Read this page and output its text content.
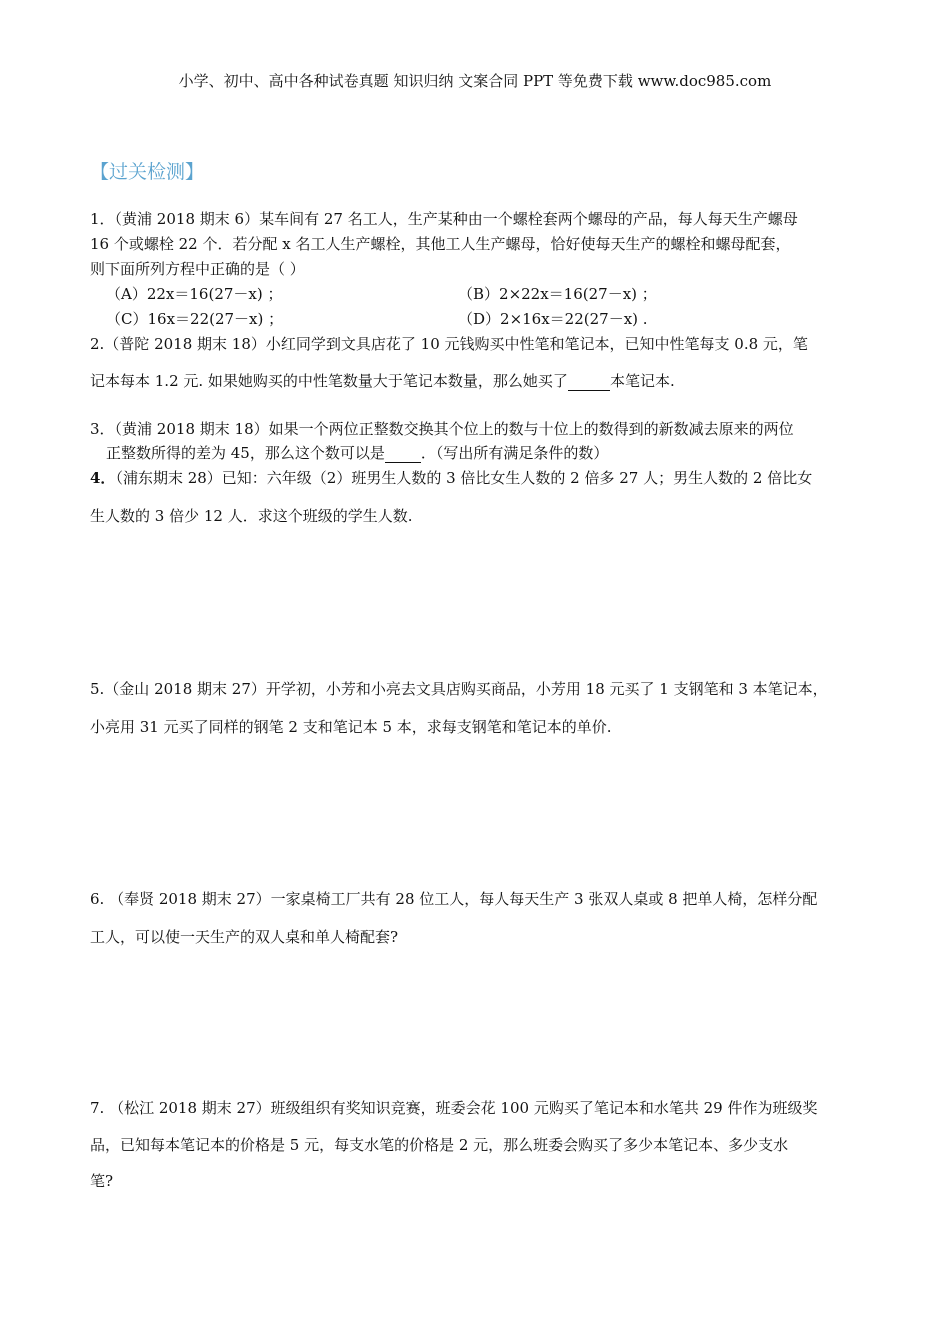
小学、初中、高中各种试卷真题 知识归纳 文案合同 PPT 等免费下载 www.doc985.com
【过关检测】
1．（黄浦 2018 期末 6）某车间有 27 名工人，生产某种由一个螺栓套两个螺母的产品，每人每天生产螺母
16 个或螺栓 22 个．若分配 x 名工人生产螺栓，其他工人生产螺母，恰好使每天生产的螺栓和螺母配套，
则下面所列方程中正确的是（ ）
（A）22x＝16(27－x) ；	（B）2×22x＝16(27－x) ；
（C）16x＝22(27－x) ；	（D）2×16x＝22(27－x) .
2.（普陀 2018 期末 18）小红同学到文具店花了 10 元钱购买中性笔和笔记本，已知中性笔每支 0.8 元，笔
记本每本 1.2 元. 如果她购买的中性笔数量大于笔记本数量，那么她买了	本笔记本.
3．（黄浦 2018 期末 18）如果一个两位正整数交换其个位上的数与十位上的数得到的新数减去原来的两位
正整数所得的差为 45，那么这个数可以是 ．（写出所有满足条件的数）
4．（浦东期末 28）已知：六年级（2）班男生人数的 3 倍比女生人数的 2 倍多 27 人；男生人数的 2 倍比女
生人数的 3 倍少 12 人．求这个班级的学生人数.
5.（金山 2018 期末 27）开学初，小芳和小亮去文具店购买商品，小芳用 18 元买了 1 支钢笔和 3 本笔记本，
小亮用 31 元买了同样的钢笔 2 支和笔记本 5 本，求每支钢笔和笔记本的单价.
6. （奉贤 2018 期末 27）一家桌椅工厂共有 28 位工人，每人每天生产 3 张双人桌或 8 把单人椅，怎样分配
工人，可以使一天生产的双人桌和单人椅配套?
7. （松江 2018 期末 27）班级组织有奖知识竞赛，班委会花 100 元购买了笔记本和水笔共 29 件作为班级奖
品，已知每本笔记本的价格是 5 元，每支水笔的价格是 2 元，那么班委会购买了多少本笔记本、多少支水
笔?
